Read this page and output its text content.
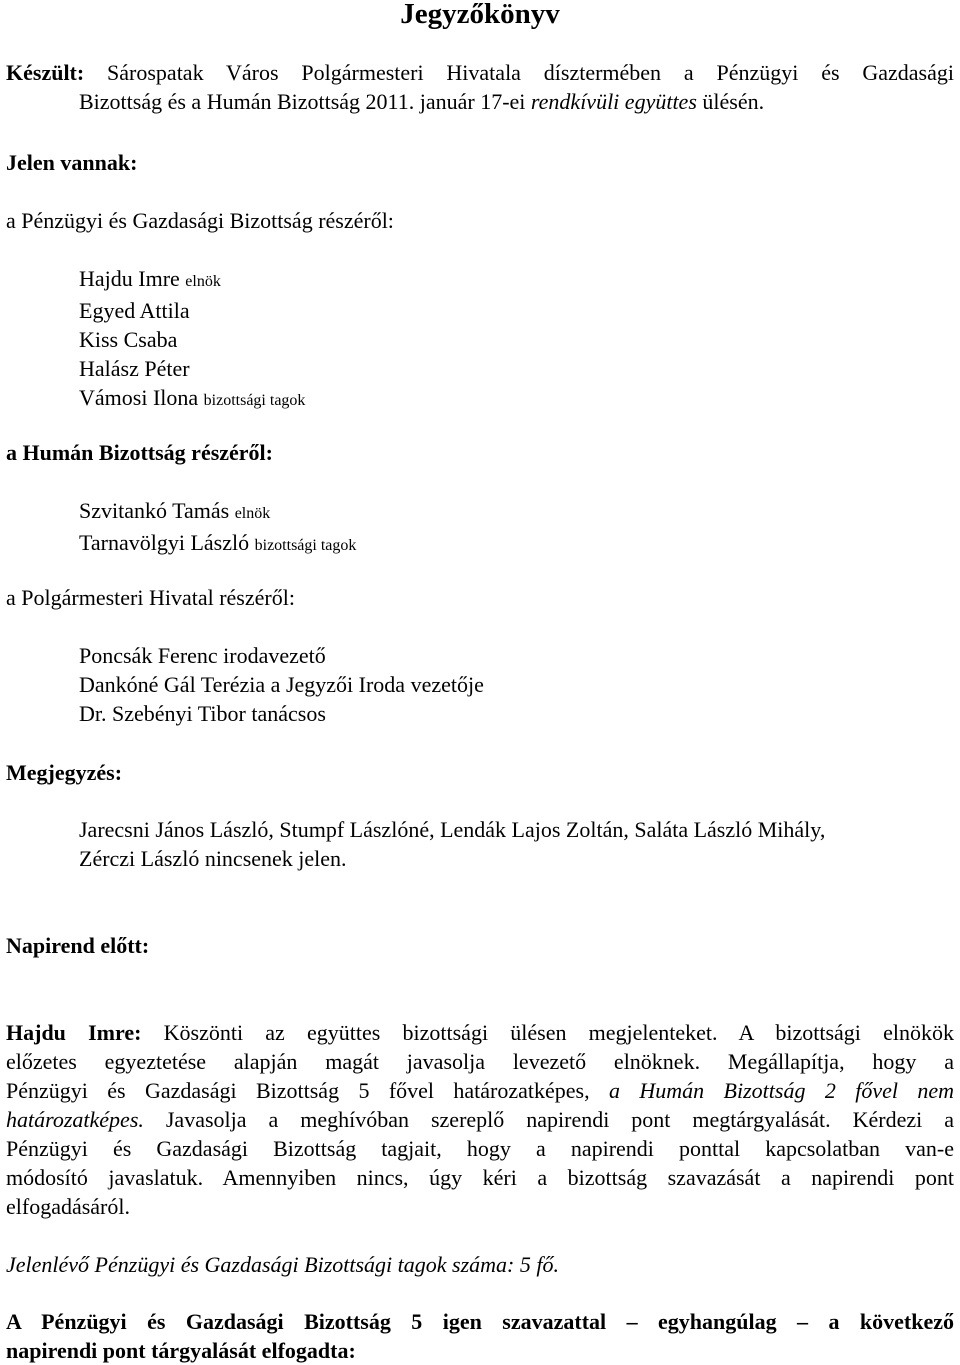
Jegyzőkönyv
Készült: Sárospatak Város Polgármesteri Hivatala dísztermében a Pénzügyi és Gazdasági
Bizottság és a Humán Bizottság 2011. január 17-ei rendkívüli együttes ülésén.
Jelen vannak:
a Pénzügyi és Gazdasági Bizottság részéről:
Hajdu Imre elnök
Egyed Attila
Kiss Csaba
Halász Péter
Vámosi Ilona bizottsági tagok
a Humán Bizottság részéről:
Szvitankó Tamás elnök
Tarnavölgyi László bizottsági tagok
a Polgármesteri Hivatal részéről:
Poncsák Ferenc irodavezető
Dankóné Gál Terézia a Jegyzői Iroda vezetője
Dr. Szebényi Tibor tanácsos
Megjegyzés:
Jarecsni János László, Stumpf Lászlóné, Lendák Lajos Zoltán, Saláta László Mihály,
Zérczi László nincsenek jelen.
Napirend előtt:
Hajdu Imre: Köszönti az együttes bizottsági ülésen megjelenteket. A bizottsági elnökök
előzetes egyeztetése alapján magát javasolja levezető elnöknek. Megállapítja, hogy a
Pénzügyi és Gazdasági Bizottság 5 fővel határozatképes, a Humán Bizottság 2 fővel nem
határozatképes. Javasolja a meghívóban szereplő napirendi pont megtárgyalását. Kérdezi a
Pénzügyi és Gazdasági Bizottság tagjait, hogy a napirendi ponttal kapcsolatban van-e
módosító javaslatuk. Amennyiben nincs, úgy kéri a bizottság szavazását a napirendi pont
elfogadásáról.
Jelenlévő Pénzügyi és Gazdasági Bizottsági tagok száma: 5 fő.
A Pénzügyi és Gazdasági Bizottság 5 igen szavazattal – egyhangúlag – a következő
napirendi pont tárgyalását elfogadta:
